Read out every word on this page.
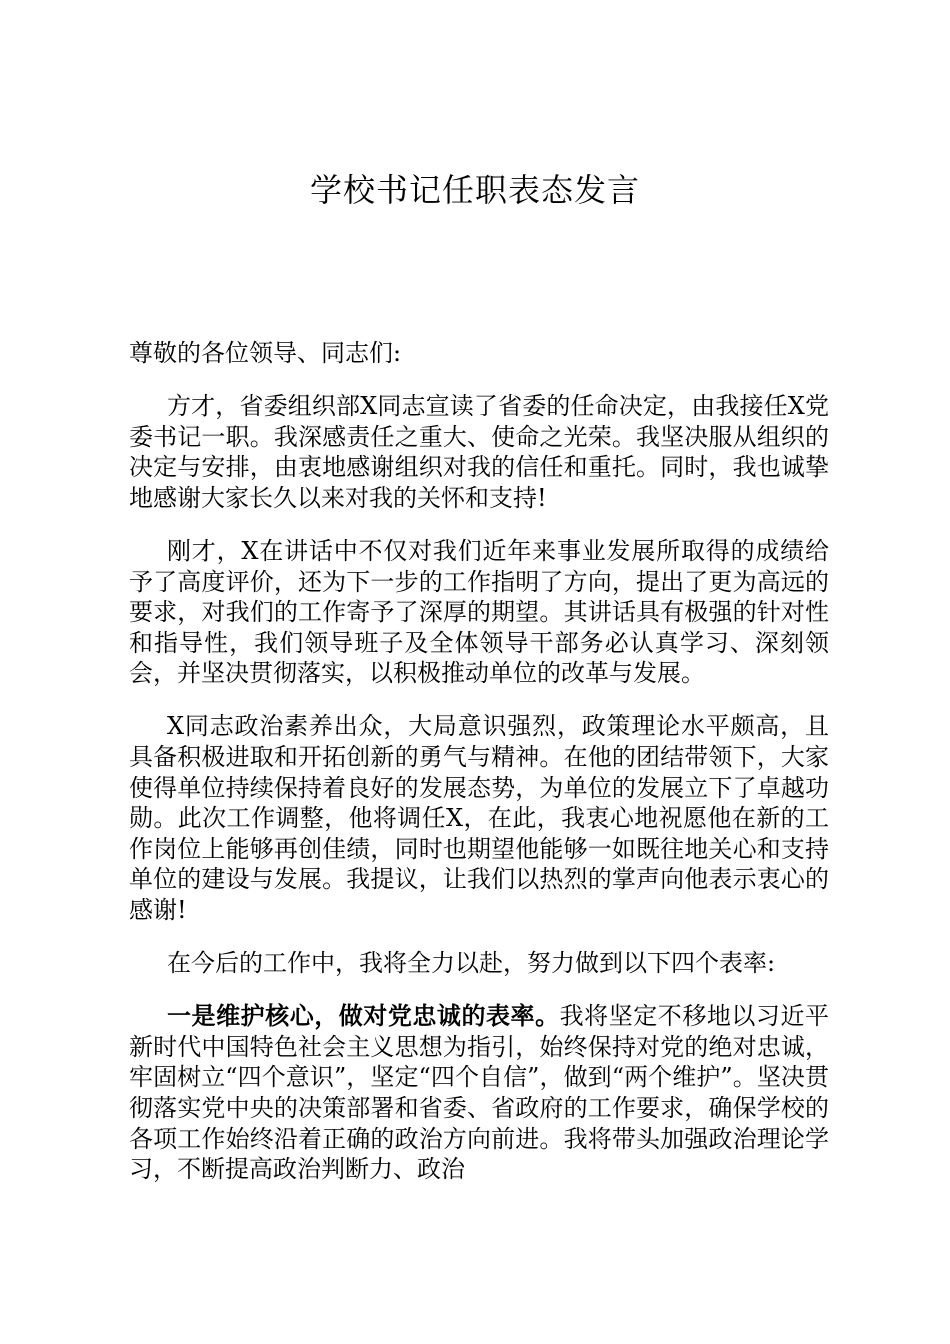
学校书记任职表态发言

尊敬的各位领导、同志们:

方才，省委组织部X同志宣读了省委的任命决定，由我接任X党委书记一职。我深感责任之重大、使命之光荣。我坚决服从组织的决定与安排，由衷地感谢组织对我的信任和重托。同时，我也诚挚地感谢大家长久以来对我的关怀和支持!

刚才，X在讲话中不仅对我们近年来事业发展所取得的成绩给予了高度评价，还为下一步的工作指明了方向，提出了更为高远的要求，对我们的工作寄予了深厚的期望。其讲话具有极强的针对性和指导性，我们领导班子及全体领导干部务必认真学习、深刻领会，并坚决贯彻落实，以积极推动单位的改革与发展。

X同志政治素养出众，大局意识强烈，政策理论水平颇高，且具备积极进取和开拓创新的勇气与精神。在他的团结带领下，大家使得单位持续保持着良好的发展态势，为单位的发展立下了卓越功勋。此次工作调整，他将调任X，在此，我衷心地祝愿他在新的工作岗位上能够再创佳绩，同时也期望他能够一如既往地关心和支持单位的建设与发展。我提议，让我们以热烈的掌声向他表示衷心的感谢!

在今后的工作中，我将全力以赴，努力做到以下四个表率:

一是维护核心，做对党忠诚的表率。我将坚定不移地以习近平新时代中国特色社会主义思想为指引，始终保持对党的绝对忠诚，牢固树立“四个意识”，坚定“四个自信”，做到“两个维护”。坚决贯彻落实党中央的决策部署和省委、省政府的工作要求，确保学校的各项工作始终沿着正确的政治方向前进。我将带头加强政治理论学习，不断提高政治判断力、政治
